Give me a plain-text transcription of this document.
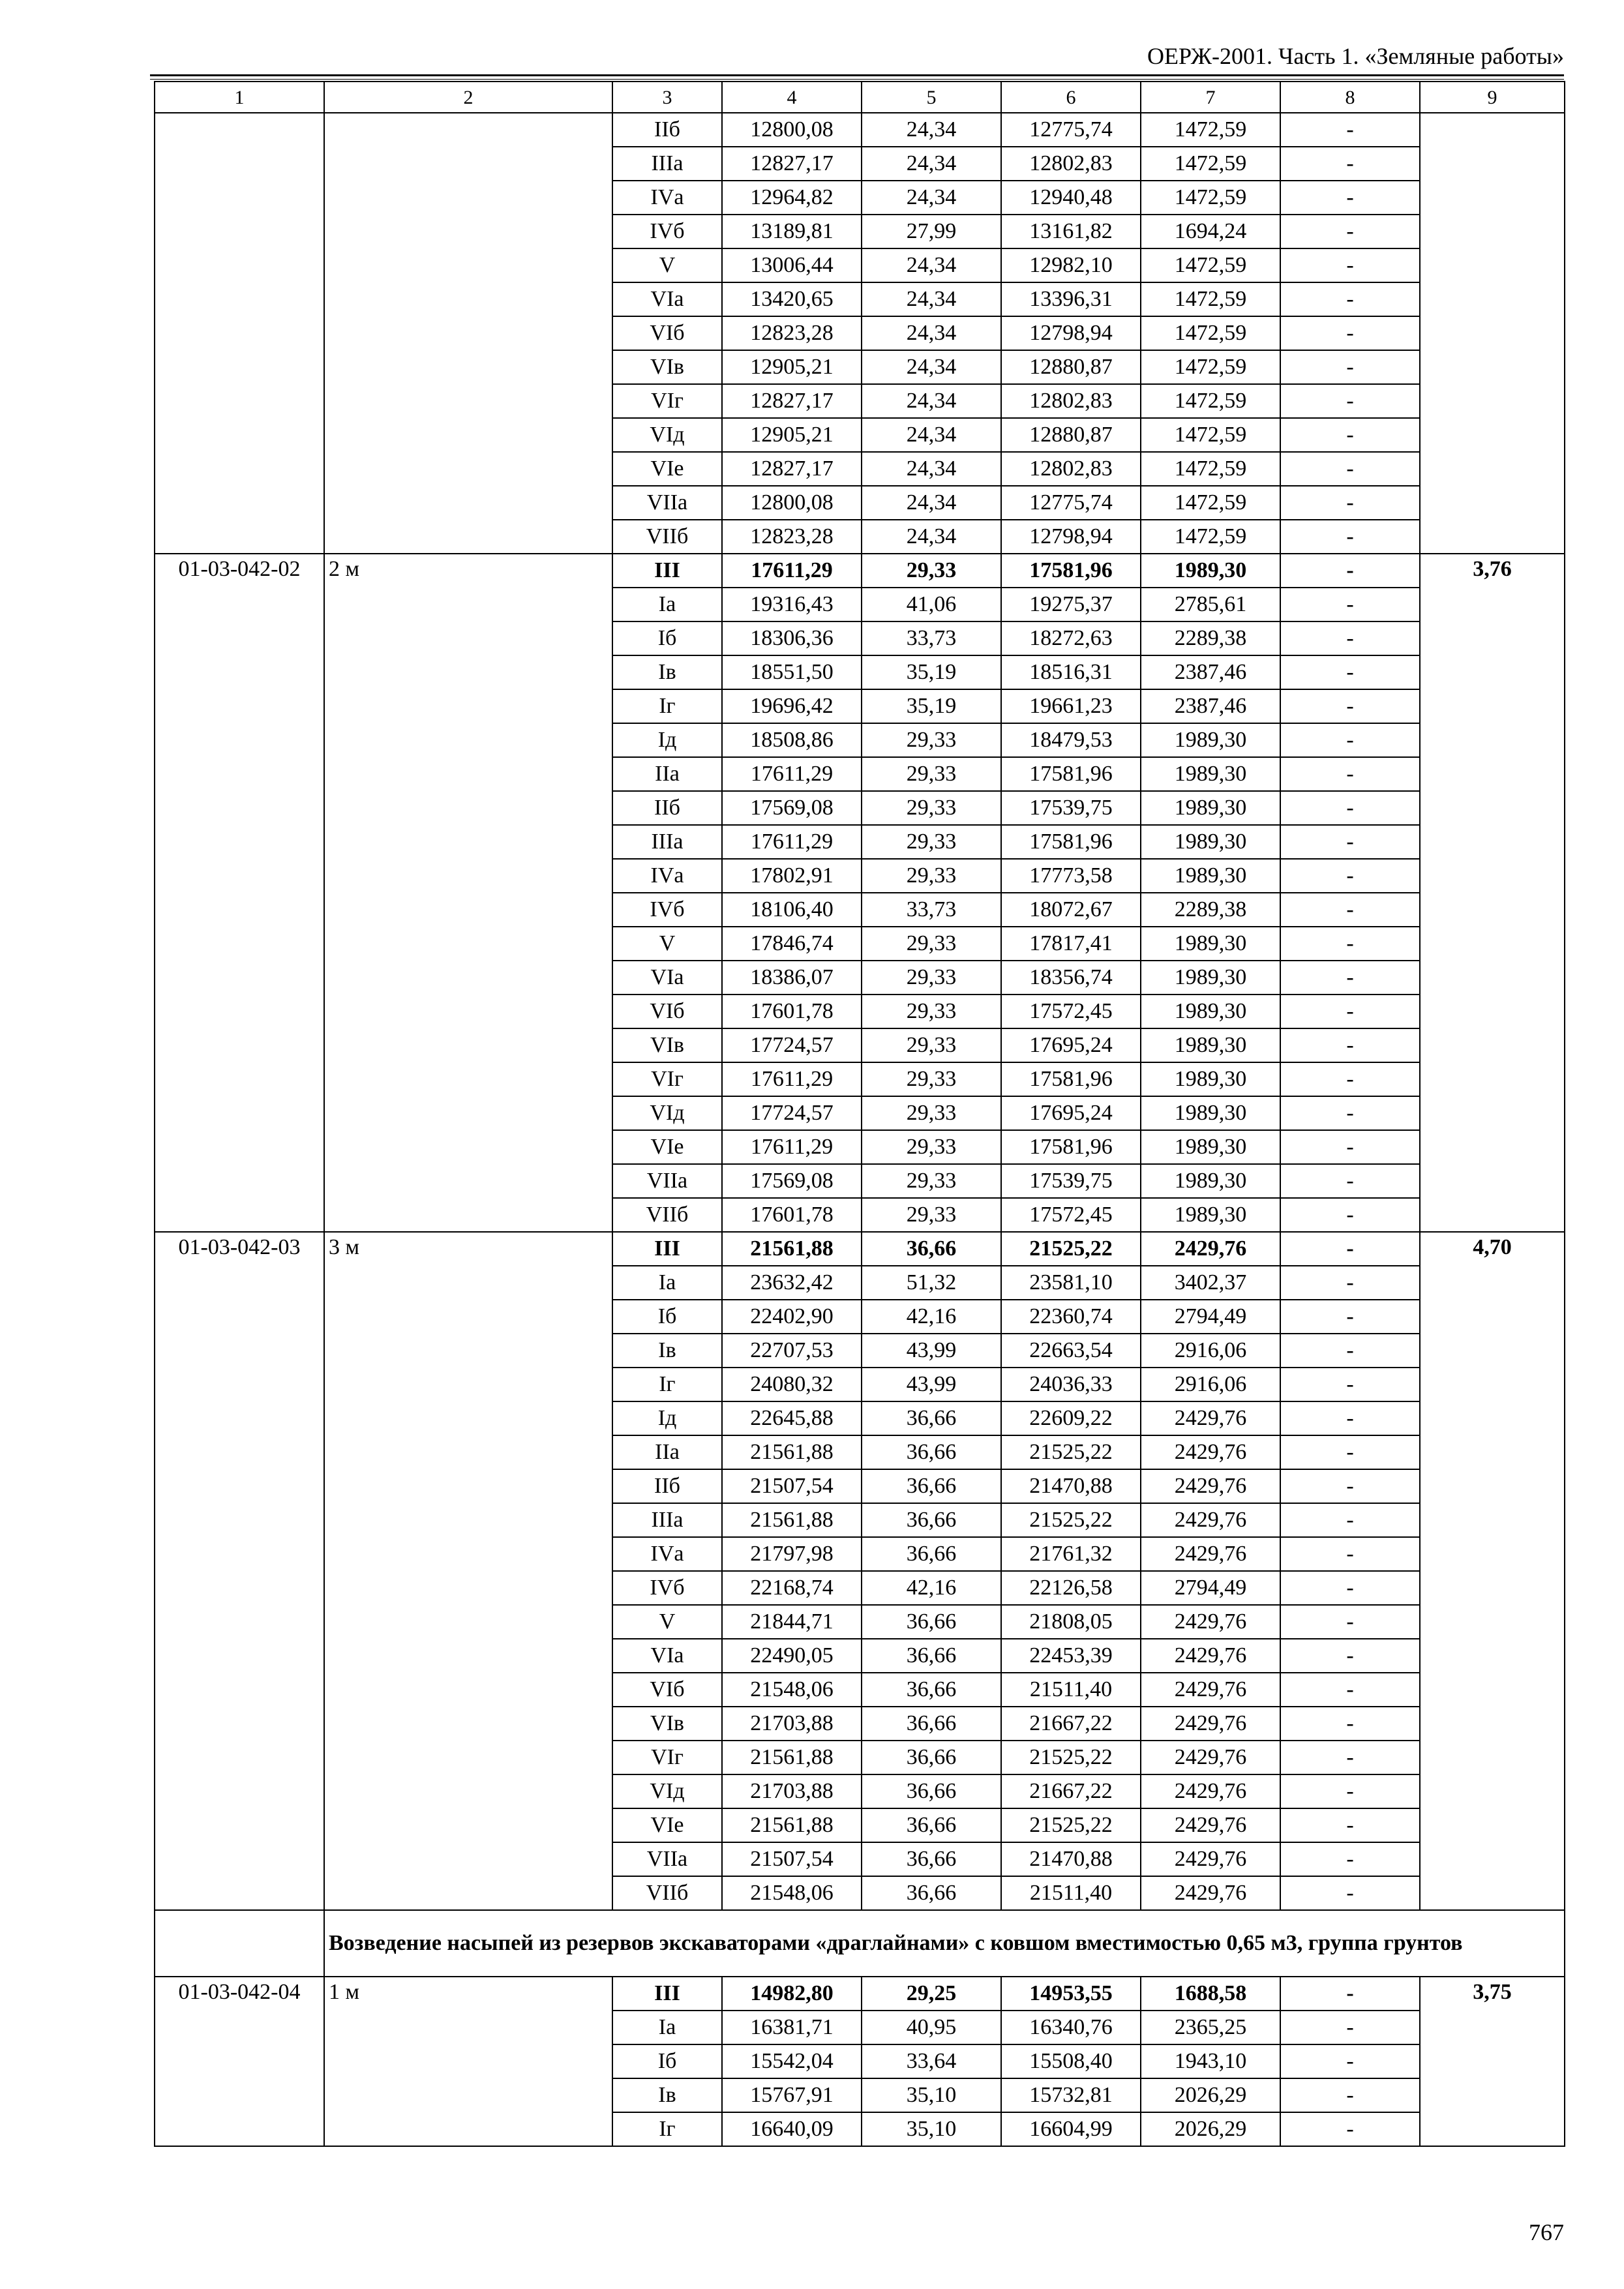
ОЕРЖ-2001. Часть 1. «Земляные работы»
1	2	3	4	5	6	7	8	9
		IIб	12800,08	24,34	12775,74	1472,59	-	
		IIIа	12827,17	24,34	12802,83	1472,59	-	
		IVа	12964,82	24,34	12940,48	1472,59	-	
		IVб	13189,81	27,99	13161,82	1694,24	-	
		V	13006,44	24,34	12982,10	1472,59	-	
		VIа	13420,65	24,34	13396,31	1472,59	-	
		VIб	12823,28	24,34	12798,94	1472,59	-	
		VIв	12905,21	24,34	12880,87	1472,59	-	
		VIг	12827,17	24,34	12802,83	1472,59	-	
		VIд	12905,21	24,34	12880,87	1472,59	-	
		VIе	12827,17	24,34	12802,83	1472,59	-	
		VIIа	12800,08	24,34	12775,74	1472,59	-	
		VIIб	12823,28	24,34	12798,94	1472,59	-	
01-03-042-02	2 м	III	17611,29	29,33	17581,96	1989,30	-	3,76
		Iа	19316,43	41,06	19275,37	2785,61	-	
		Iб	18306,36	33,73	18272,63	2289,38	-	
		Iв	18551,50	35,19	18516,31	2387,46	-	
		Iг	19696,42	35,19	19661,23	2387,46	-	
		Iд	18508,86	29,33	18479,53	1989,30	-	
		IIа	17611,29	29,33	17581,96	1989,30	-	
		IIб	17569,08	29,33	17539,75	1989,30	-	
		IIIа	17611,29	29,33	17581,96	1989,30	-	
		IVа	17802,91	29,33	17773,58	1989,30	-	
		IVб	18106,40	33,73	18072,67	2289,38	-	
		V	17846,74	29,33	17817,41	1989,30	-	
		VIа	18386,07	29,33	18356,74	1989,30	-	
		VIб	17601,78	29,33	17572,45	1989,30	-	
		VIв	17724,57	29,33	17695,24	1989,30	-	
		VIг	17611,29	29,33	17581,96	1989,30	-	
		VIд	17724,57	29,33	17695,24	1989,30	-	
		VIе	17611,29	29,33	17581,96	1989,30	-	
		VIIа	17569,08	29,33	17539,75	1989,30	-	
		VIIб	17601,78	29,33	17572,45	1989,30	-	
01-03-042-03	3 м	III	21561,88	36,66	21525,22	2429,76	-	4,70
		Iа	23632,42	51,32	23581,10	3402,37	-	
		Iб	22402,90	42,16	22360,74	2794,49	-	
		Iв	22707,53	43,99	22663,54	2916,06	-	
		Iг	24080,32	43,99	24036,33	2916,06	-	
		Iд	22645,88	36,66	22609,22	2429,76	-	
		IIа	21561,88	36,66	21525,22	2429,76	-	
		IIб	21507,54	36,66	21470,88	2429,76	-	
		IIIа	21561,88	36,66	21525,22	2429,76	-	
		IVа	21797,98	36,66	21761,32	2429,76	-	
		IVб	22168,74	42,16	22126,58	2794,49	-	
		V	21844,71	36,66	21808,05	2429,76	-	
		VIа	22490,05	36,66	22453,39	2429,76	-	
		VIб	21548,06	36,66	21511,40	2429,76	-	
		VIв	21703,88	36,66	21667,22	2429,76	-	
		VIг	21561,88	36,66	21525,22	2429,76	-	
		VIд	21703,88	36,66	21667,22	2429,76	-	
		VIе	21561,88	36,66	21525,22	2429,76	-	
		VIIа	21507,54	36,66	21470,88	2429,76	-	
		VIIб	21548,06	36,66	21511,40	2429,76	-	
	Возведение насыпей из резервов экскаваторами «драглайнами» с ковшом вместимостью 0,65 м3, группа грунтов							
01-03-042-04	1 м	III	14982,80	29,25	14953,55	1688,58	-	3,75
		Iа	16381,71	40,95	16340,76	2365,25	-	
		Iб	15542,04	33,64	15508,40	1943,10	-	
		Iв	15767,91	35,10	15732,81	2026,29	-	
		Iг	16640,09	35,10	16604,99	2026,29	-	
767
